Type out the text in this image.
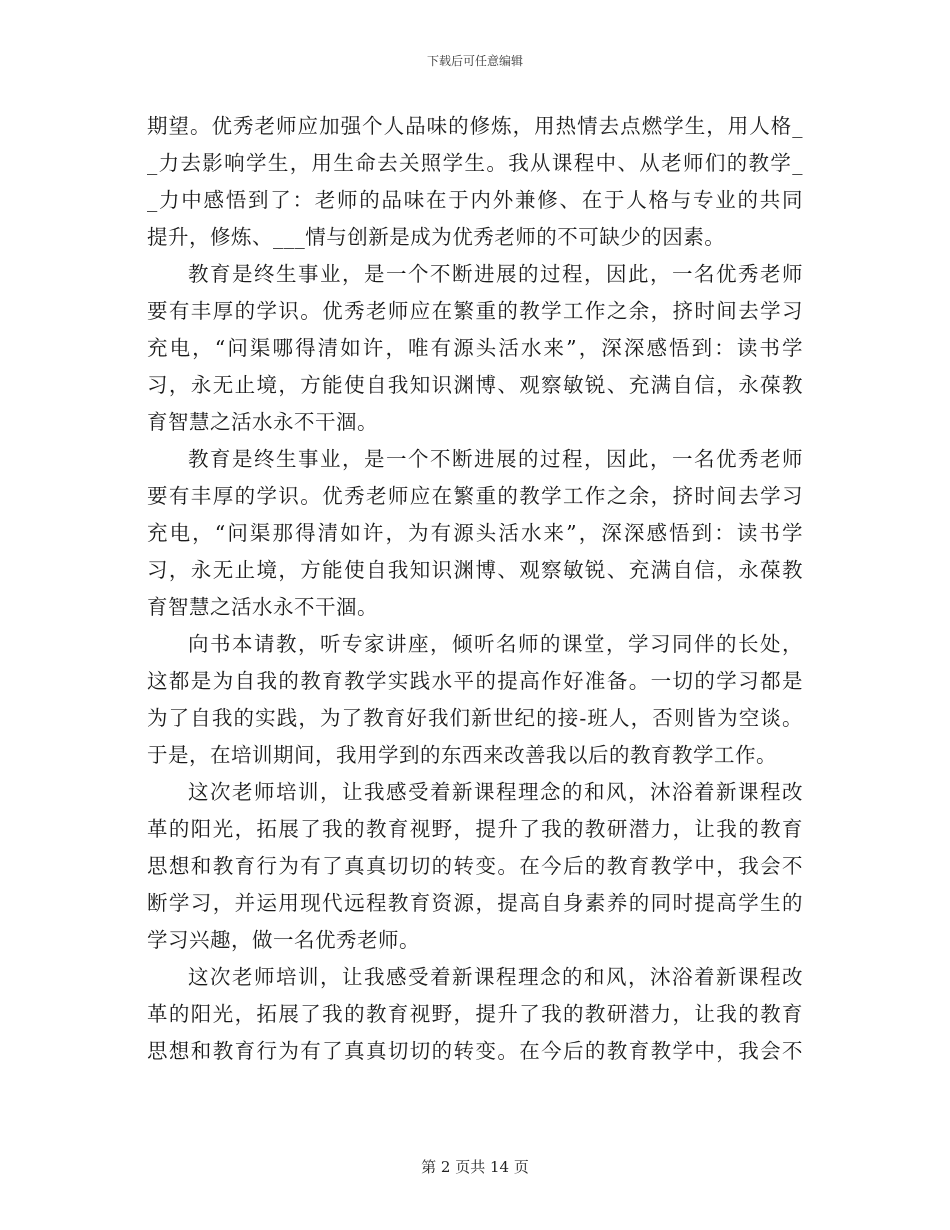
下载后可任意编辑
期望。优秀老师应加强个人品味的修炼，用热情去点燃学生，用人格_
_力去影响学生，用生命去关照学生。我从课程中、从老师们的教学_
_力中感悟到了：老师的品味在于内外兼修、在于人格与专业的共同
提升，修炼、___情与创新是成为优秀老师的不可缺少的因素。
教育是终生事业，是一个不断进展的过程，因此，一名优秀老师
要有丰厚的学识。优秀老师应在繁重的教学工作之余，挤时间去学习
充电，“问渠哪得清如许，唯有源头活水来”，深深感悟到：读书学
习，永无止境，方能使自我知识渊博、观察敏锐、充满自信，永葆教
育智慧之活水永不干涸。
教育是终生事业，是一个不断进展的过程，因此，一名优秀老师
要有丰厚的学识。优秀老师应在繁重的教学工作之余，挤时间去学习
充电，“问渠那得清如许，为有源头活水来”，深深感悟到：读书学
习，永无止境，方能使自我知识渊博、观察敏锐、充满自信，永葆教
育智慧之活水永不干涸。
向书本请教，听专家讲座，倾听名师的课堂，学习同伴的长处，
这都是为自我的教育教学实践水平的提高作好准备。一切的学习都是
为了自我的实践，为了教育好我们新世纪的接-班人，否则皆为空谈。
于是，在培训期间，我用学到的东西来改善我以后的教育教学工作。
这次老师培训，让我感受着新课程理念的和风，沐浴着新课程改
革的阳光，拓展了我的教育视野，提升了我的教研潜力，让我的教育
思想和教育行为有了真真切切的转变。在今后的教育教学中，我会不
断学习，并运用现代远程教育资源，提高自身素养的同时提高学生的
学习兴趣，做一名优秀老师。
这次老师培训，让我感受着新课程理念的和风，沐浴着新课程改
革的阳光，拓展了我的教育视野，提升了我的教研潜力，让我的教育
思想和教育行为有了真真切切的转变。在今后的教育教学中，我会不
第 2 页共 14 页
